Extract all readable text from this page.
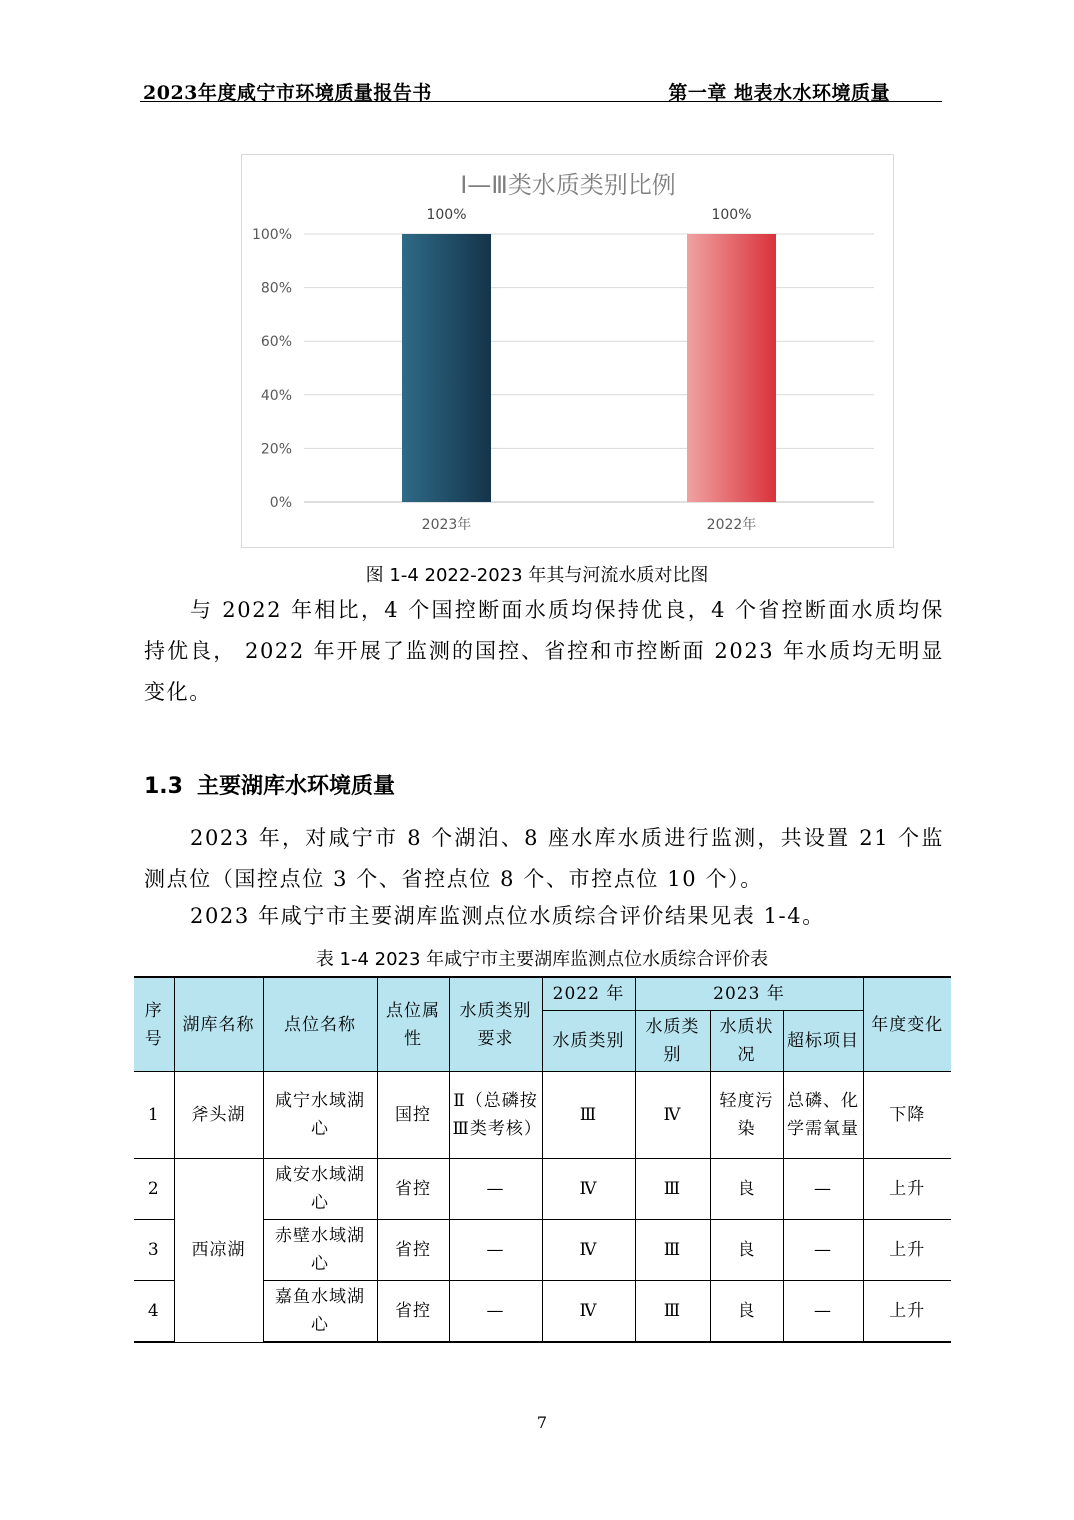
2023年度咸宁市环境质量报告书	第一章 地表水水环境质量
Ⅰ—Ⅲ类水质类别比例
0%
20%
40%
60%
80%
100%
100%
2023年
100%
2022年
图 1-4 2022-2023 年其与河流水质对比图
与 2022 年相比，4 个国控断面水质均保持优良，4 个省控断面水质均保持优良， 2022 年开展了监测的国控、省控和市控断面 2023 年水质均无明显变化。
1.3 主要湖库水环境质量
2023 年，对咸宁市 8 个湖泊、8 座水库水质进行监测，共设置 21 个监测点位（国控点位 3 个、省控点位 8 个、市控点位 10 个）。
2023 年咸宁市主要湖库监测点位水质综合评价结果见表 1-4。
表 1-4 2023 年咸宁市主要湖库监测点位水质综合评价表
序号	湖库名称	点位名称	点位属性	水质类别要求	2022 年	2023 年			年度变化
					水质类别	水质类别	水质状况	超标项目	
1	斧头湖	咸宁水域湖心	国控	Ⅱ（总磷按Ⅲ类考核）	Ⅲ	Ⅳ	轻度污染	总磷、化学需氧量	下降
2	西凉湖	咸安水域湖心	省控	—	Ⅳ	Ⅲ	良	—	上升
3		赤壁水域湖心	省控	—	Ⅳ	Ⅲ	良	—	上升
4		嘉鱼水域湖心	省控	—	Ⅳ	Ⅲ	良	—	上升
7
